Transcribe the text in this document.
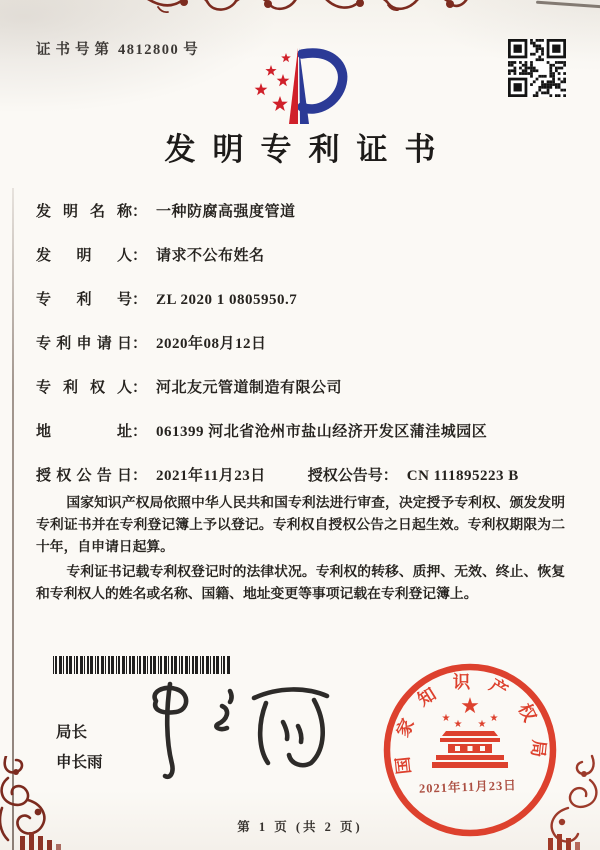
证书号第 4812800 号
发明专利证书
发明名称 ： 一种防腐高强度管道
发明人 ： 请求不公布姓名
专利号 ： ZL 2020 1 0805950.7
专利申请日 ： 2020年08月12日
专利权人 ： 河北友元管道制造有限公司
地址 ： 061399 河北省沧州市盐山经济开发区蒲洼城园区
授权公告日 ： 2021年11月23日	授权公告号 ： CN 111895223 B

国家知识产权局依照中华人民共和国专利法进行审查，决定授予专利权、颁发发明专利证书并在专利登记簿上予以登记。专利权自授权公告之日起生效。专利权期限为二十年，自申请日起算。

专利证书记载专利权登记时的法律状况。专利权的转移、质押、无效、终止、恢复和专利权人的姓名或名称、国籍、地址变更等事项记载在专利登记簿上。

局长
申长雨	国家知识产权局
★
★
★ ★
★
2021年11月23日
第 1 页 (共 2 页)
